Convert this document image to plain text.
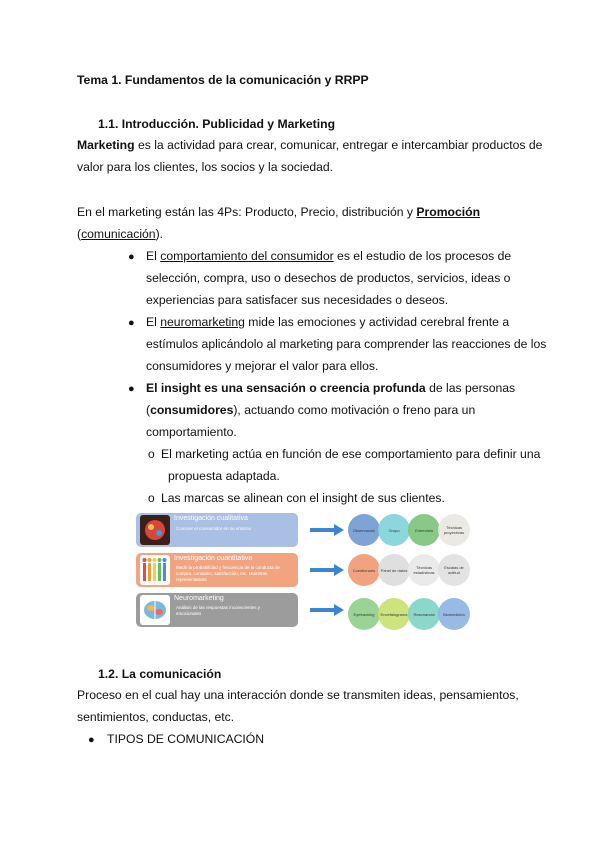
Tema 1. Fundamentos de la comunicación y RRPP
1.1. Introducción. Publicidad y Marketing
Marketing es la actividad para crear, comunicar, entregar e intercambiar productos de
valor para los clientes, los socios y la sociedad.
En el marketing están las 4Ps: Producto, Precio, distribución y Promoción
(comunicación).
● El comportamiento del consumidor es el estudio de los procesos de
selección, compra, uso o desechos de productos, servicios, ideas o
experiencias para satisfacer sus necesidades o deseos.
● El neuromarketing mide las emociones y actividad cerebral frente a
estímulos aplicándolo al marketing para comprender las reacciones de los
consumidores y mejorar el valor para ellos.
● El insight es una sensación o creencia profunda de las personas
(consumidores), actuando como motivación o freno para un
comportamiento.
o El marketing actúa en función de ese comportamiento para definir una
propuesta adaptada.
o Las marcas se alinean con el insight de sus clientes.
Investigación cualitativa
Conocer el consumidor en su entorno
Investigación cuantitativa
Medir la probabilidad y frecuencia de la conducta de compra, consumo, satisfacción, etc. Muestras representativas
Neuromarketing
Análisis de las respuestas inconscientes y emocionales
Observación	Grupo	Entrevista	Técnicas proyectivas
Cuestionario	Panel de datos	Técnicas estadísticas
Escalas de actitud
Eyetracking	Encefalograma	Resonancia	Biomedición
1.2. La comunicación
Proceso en el cual hay una interacción donde se transmiten ideas, pensamientos,
sentimientos, conductas, etc.
● TIPOS DE COMUNICACIÓN
